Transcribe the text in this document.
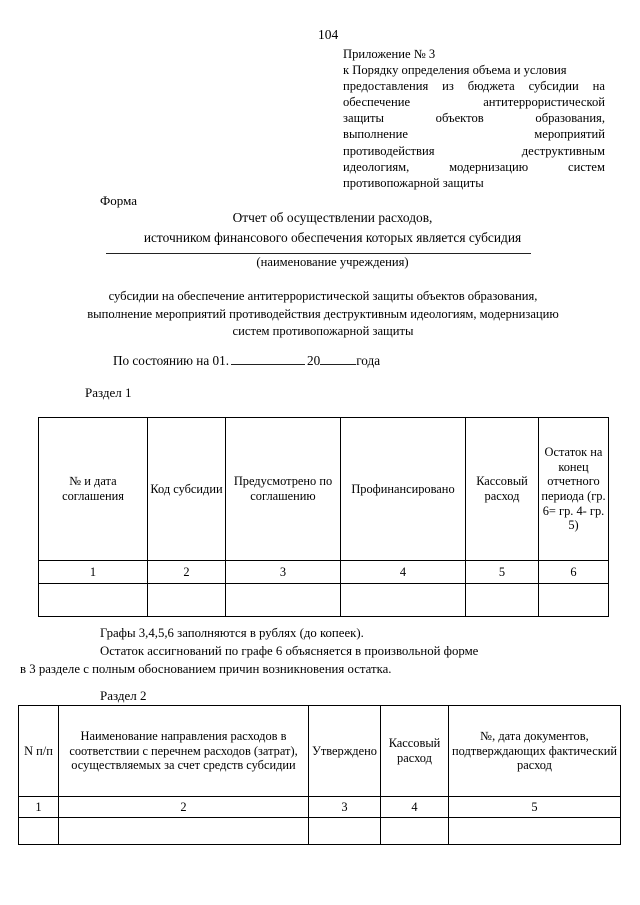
104
Приложение № 3
к Порядку определения объема и условия
предоставления из бюджета субсидии на
обеспечение антитеррористической
защиты объектов образования,
выполнение мероприятий
противодействия деструктивным
идеологиям, модернизацию систем
противопожарной защиты
Форма
Отчет об осуществлении расходов,
источником финансового обеспечения которых является субсидия
(наименование учреждения)
субсидии на обеспечение антитеррористической защиты объектов образования,
выполнение мероприятий противодействия деструктивным идеологиям, модернизацию
систем противопожарной защиты
По состоянию на 01.	20	года
Раздел 1
№ и дата соглашения	Код субсидии	Предусмотрено по соглашению	Профинансировано	Кассовый расход	Остаток на конец отчетного периода (гр. 6= гр. 4- гр. 5)
1	2	3	4	5	6

Графы 3,4,5,6 заполняются в рублях (до копеек).
Остаток ассигнований по графе 6 объясняется в произвольной форме
в 3 разделе с полным обоснованием причин возникновения остатка.
Раздел 2
N п/п	Наименование направления расходов в соответствии с перечнем расходов (затрат), осуществляемых за счет средств субсидии	Утверждено	Кассовый расход	№, дата документов, подтверждающих фактический расход
1	2	3	4	5
